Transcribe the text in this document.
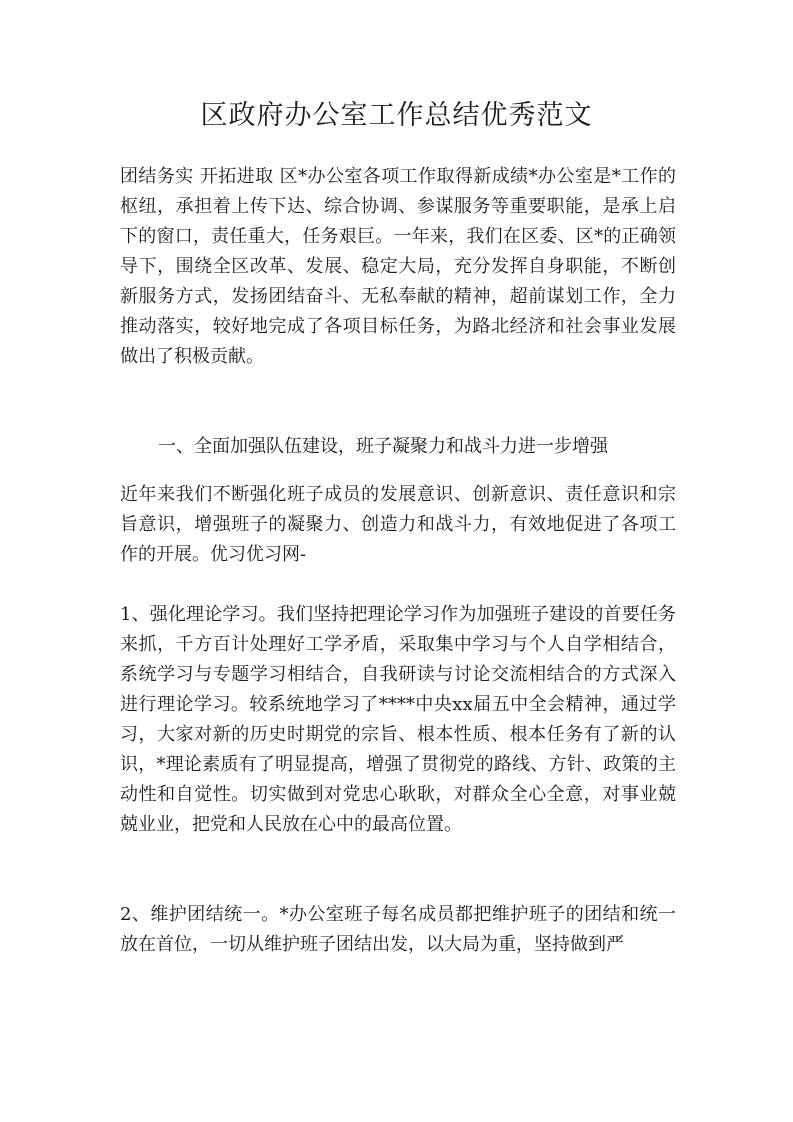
区政府办公室工作总结优秀范文

团结务实 开拓进取 区*办公室各项工作取得新成绩*办公室是*工作的枢纽，承担着上传下达、综合协调、参谋服务等重要职能，是承上启下的窗口，责任重大，任务艰巨。一年来，我们在区委、区*的正确领导下，围绕全区改革、发展、稳定大局，充分发挥自身职能，不断创新服务方式，发扬团结奋斗、无私奉献的精神，超前谋划工作，全力推动落实，较好地完成了各项目标任务，为路北经济和社会事业发展做出了积极贡献。

一、全面加强队伍建设，班子凝聚力和战斗力进一步增强

近年来我们不断强化班子成员的发展意识、创新意识、责任意识和宗旨意识，增强班子的凝聚力、创造力和战斗力，有效地促进了各项工作的开展。优习优习网-

1、强化理论学习。我们坚持把理论学习作为加强班子建设的首要任务来抓，千方百计处理好工学矛盾，采取集中学习与个人自学相结合，系统学习与专题学习相结合，自我研读与讨论交流相结合的方式深入进行理论学习。较系统地学习了****中央xx届五中全会精神，通过学习，大家对新的历史时期党的宗旨、根本性质、根本任务有了新的认识，*理论素质有了明显提高，增强了贯彻党的路线、方针、政策的主动性和自觉性。切实做到对党忠心耿耿，对群众全心全意，对事业兢兢业业，把党和人民放在心中的最高位置。

2、维护团结统一。*办公室班子每名成员都把维护班子的团结和统一放在首位，一切从维护班子团结出发，以大局为重，坚持做到严
